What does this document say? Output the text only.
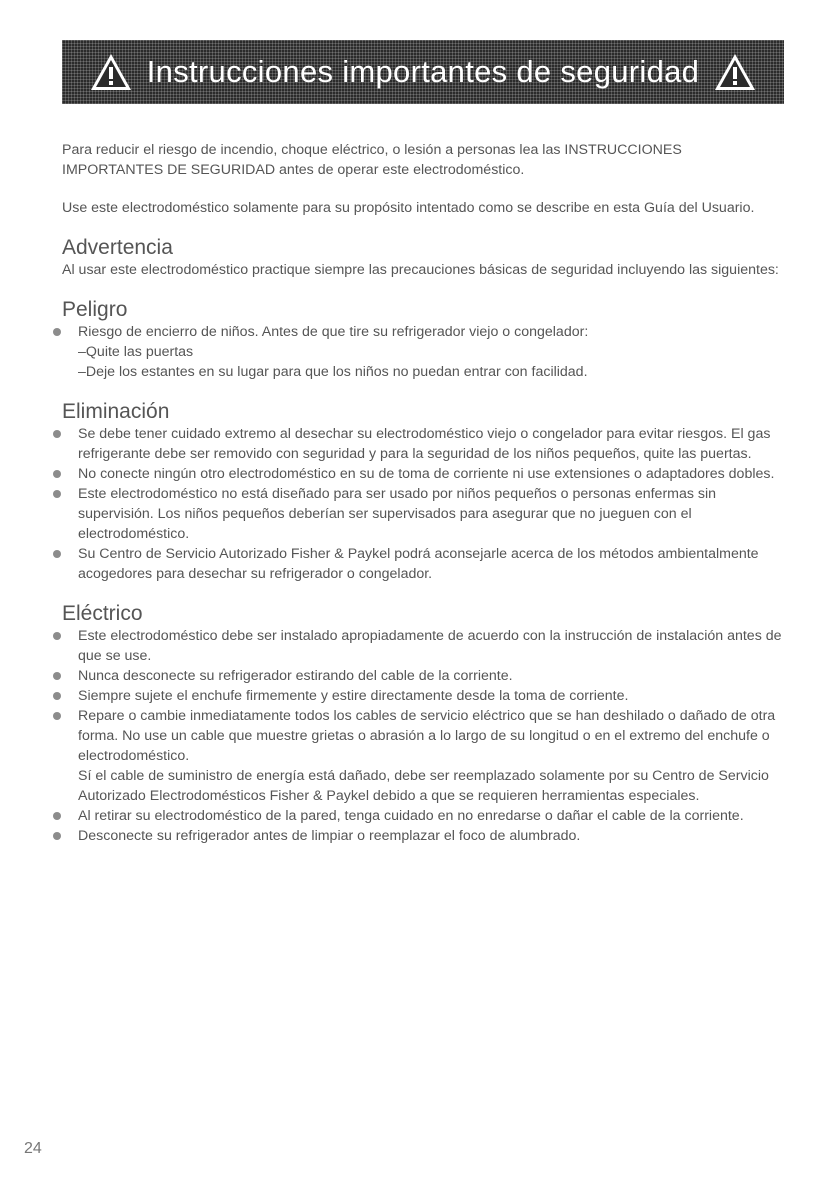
Instrucciones importantes de seguridad

Para reducir el riesgo de incendio, choque eléctrico, o lesión a personas lea las INSTRUCCIONES IMPORTANTES DE SEGURIDAD antes de operar este electrodoméstico.

Use este electrodoméstico solamente para su propósito intentado como se describe en esta Guía del Usuario.

Advertencia

Al usar este electrodoméstico practique siempre las precauciones básicas de seguridad incluyendo las siguientes:

Peligro
Riesgo de encierro de niños. Antes de que tire su refrigerador viejo o congelador:
–Quite las puertas
–Deje los estantes en su lugar para que los niños no puedan entrar con facilidad.
Eliminación
Se debe tener cuidado extremo al desechar su electrodoméstico viejo o congelador para evitar riesgos. El gas refrigerante debe ser removido con seguridad y para la seguridad de los niños pequeños, quite las puertas.
No conecte ningún otro electrodoméstico en su de toma de corriente ni use extensiones o adaptadores dobles.
Este electrodoméstico no está diseñado para ser usado por niños pequeños o personas enfermas sin supervisión. Los niños pequeños deberían ser supervisados para asegurar que no jueguen con el electrodoméstico.
Su Centro de Servicio Autorizado Fisher & Paykel podrá aconsejarle acerca de los métodos ambientalmente acogedores para desechar su refrigerador o congelador.
Eléctrico
Este electrodoméstico debe ser instalado apropiadamente de acuerdo con la instrucción de instalación antes de que se use.
Nunca desconecte su refrigerador estirando del cable de la corriente.
Siempre sujete el enchufe firmemente y estire directamente desde la toma de corriente.
Repare o cambie inmediatamente todos los cables de servicio eléctrico que se han deshilado o dañado de otra forma. No use un cable que muestre grietas o abrasión a lo largo de su longitud o en el extremo del enchufe o electrodoméstico.
Sí el cable de suministro de energía está dañado, debe ser reemplazado solamente por su Centro de Servicio Autorizado Electrodomésticos Fisher & Paykel debido a que se requieren herramientas especiales.
Al retirar su electrodoméstico de la pared, tenga cuidado en no enredarse o dañar el cable de la corriente.
Desconecte su refrigerador antes de limpiar o reemplazar el foco de alumbrado.
24
